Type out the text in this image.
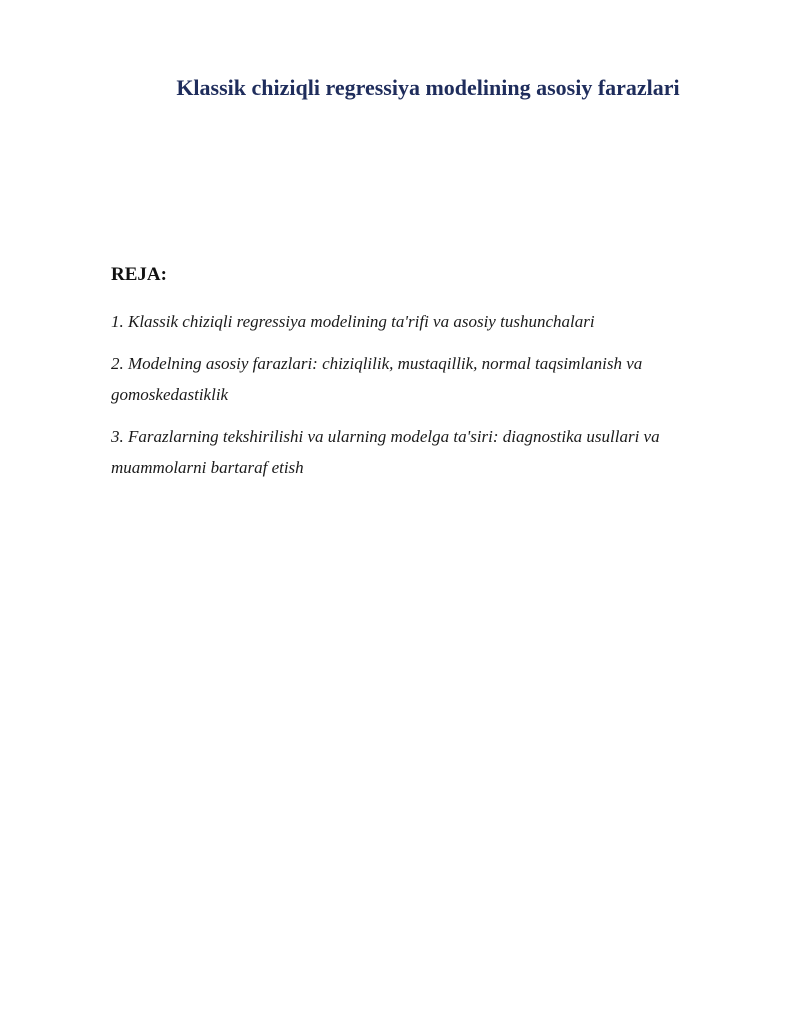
Klassik chiziqli regressiya modelining asosiy farazlari
REJA:
1. Klassik chiziqli regressiya modelining ta'rifi va asosiy tushunchalari
2. Modelning asosiy farazlari: chiziqlilik, mustaqillik, normal taqsimlanish va gomoskedastiklik
3. Farazlarning tekshirilishi va ularning modelga ta'siri: diagnostika usullari va muammolarni bartaraf etish
